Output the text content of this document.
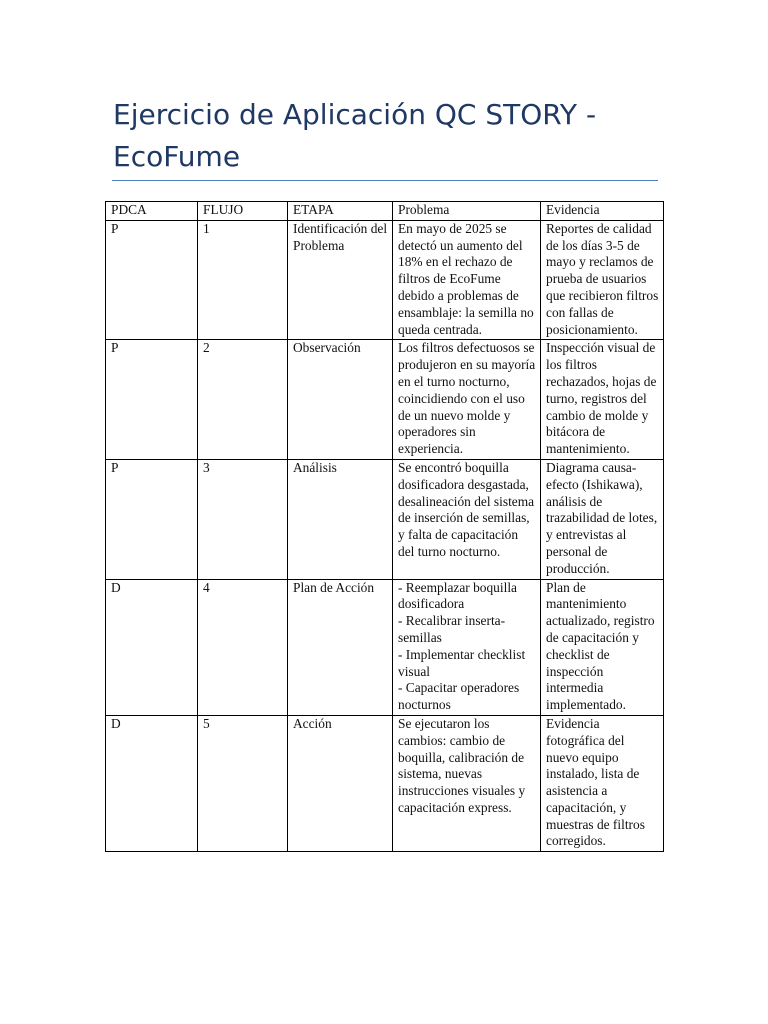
Ejercicio de Aplicación QC STORY - EcoFume
PDCA	FLUJO	ETAPA	Problema	Evidencia
P	1	Identificación del Problema	En mayo de 2025 se detectó un aumento del 18% en el rechazo de filtros de EcoFume debido a problemas de ensamblaje: la semilla no queda centrada.	Reportes de calidad de los días 3-5 de mayo y reclamos de prueba de usuarios que recibieron filtros con fallas de posicionamiento.
P	2	Observación	Los filtros defectuosos se produjeron en su mayoría en el turno nocturno, coincidiendo con el uso de un nuevo molde y operadores sin experiencia.	Inspección visual de los filtros rechazados, hojas de turno, registros del cambio de molde y bitácora de mantenimiento.
P	3	Análisis	Se encontró boquilla dosificadora desgastada, desalineación del sistema de inserción de semillas, y falta de capacitación del turno nocturno.	Diagrama causa-efecto (Ishikawa), análisis de trazabilidad de lotes, y entrevistas al personal de producción.
D	4	Plan de Acción	- Reemplazar boquilla dosificadora
- Recalibrar inserta-semillas
- Implementar checklist visual
- Capacitar operadores nocturnos	Plan de mantenimiento actualizado, registro de capacitación y checklist de inspección intermedia implementado.
D	5	Acción	Se ejecutaron los cambios: cambio de boquilla, calibración de sistema, nuevas instrucciones visuales y capacitación express.	Evidencia fotográfica del nuevo equipo instalado, lista de asistencia a capacitación, y muestras de filtros corregidos.
